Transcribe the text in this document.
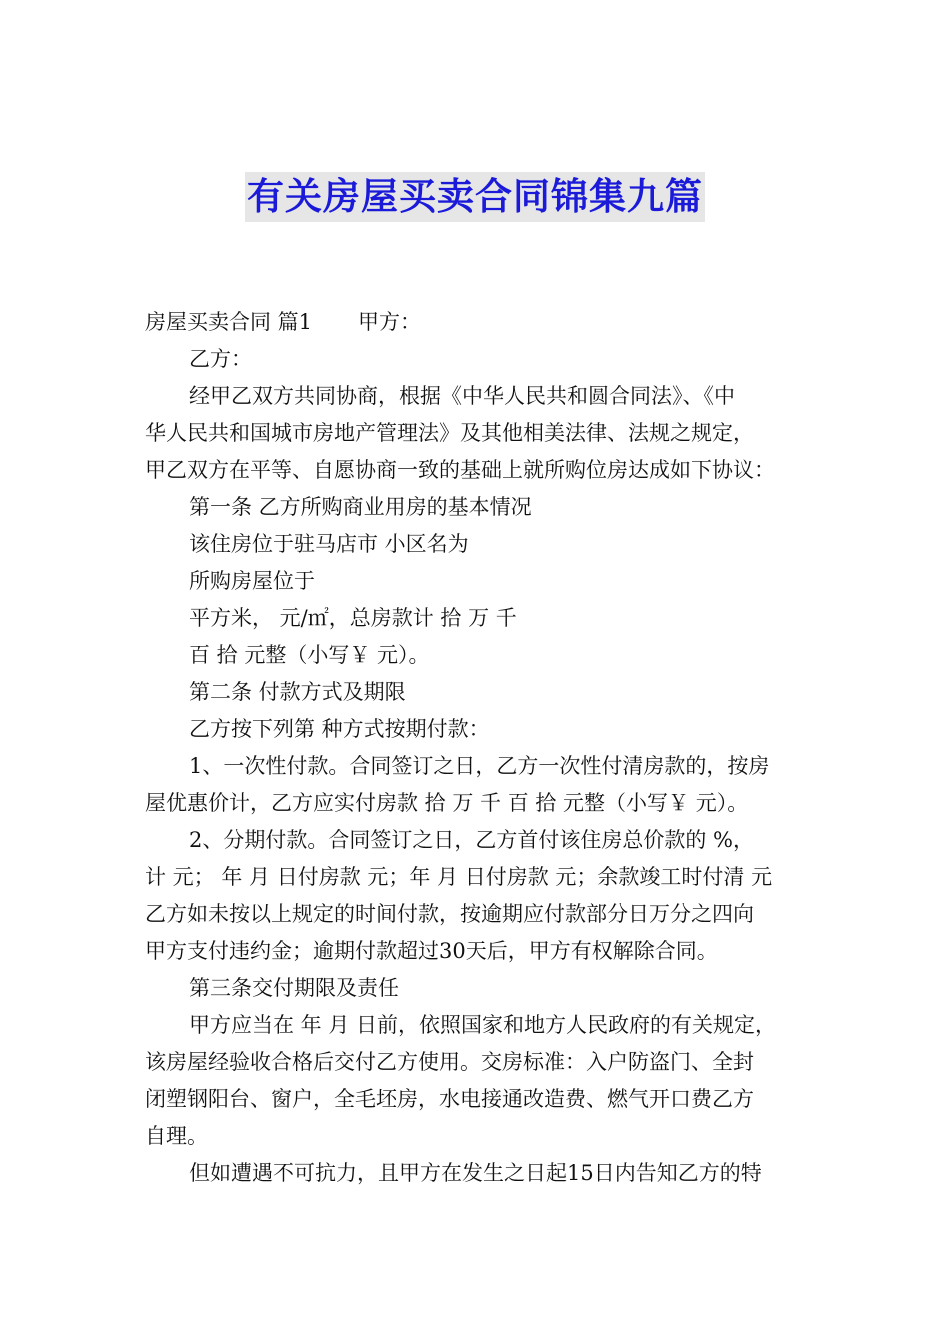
有关房屋买卖合同锦集九篇

房屋买卖合同 篇1 甲方：

乙方：

经甲乙双方共同协商，根据《中华人民共和圆合同法》、《中

华人民共和国城市房地产管理法》及其他相美法律、法规之规定，

甲乙双方在平等、自愿协商一致的基础上就所购位房达成如下协议：

第一条 乙方所购商业用房的基本情况

该住房位于驻马店市 小区名为

所购房屋位于

平方米， 元/㎡，总房款计 拾 万 千

百 拾 元整（小写￥ 元）。

第二条 付款方式及期限

乙方按下列第 种方式按期付款：

1、一次性付款。合同签订之日，乙方一次性付清房款的，按房

屋优惠价计，乙方应实付房款 拾 万 千 百 拾 元整（小写￥ 元）。

2、分期付款。合同签订之日，乙方首付该住房总价款的 %，

计 元； 年 月 日付房款 元；年 月 日付房款 元；余款竣工时付清 元

乙方如未按以上规定的时间付款，按逾期应付款部分日万分之四向

甲方支付违约金；逾期付款超过30天后，甲方有权解除合同。

第三条交付期限及责任

甲方应当在 年 月 日前，依照国家和地方人民政府的有关规定，

该房屋经验收合格后交付乙方使用。交房标准：入户防盗门、全封

闭塑钢阳台、窗户，全毛坯房，水电接通改造费、燃气开口费乙方

自理。

但如遭遇不可抗力，且甲方在发生之日起15日内告知乙方的特
